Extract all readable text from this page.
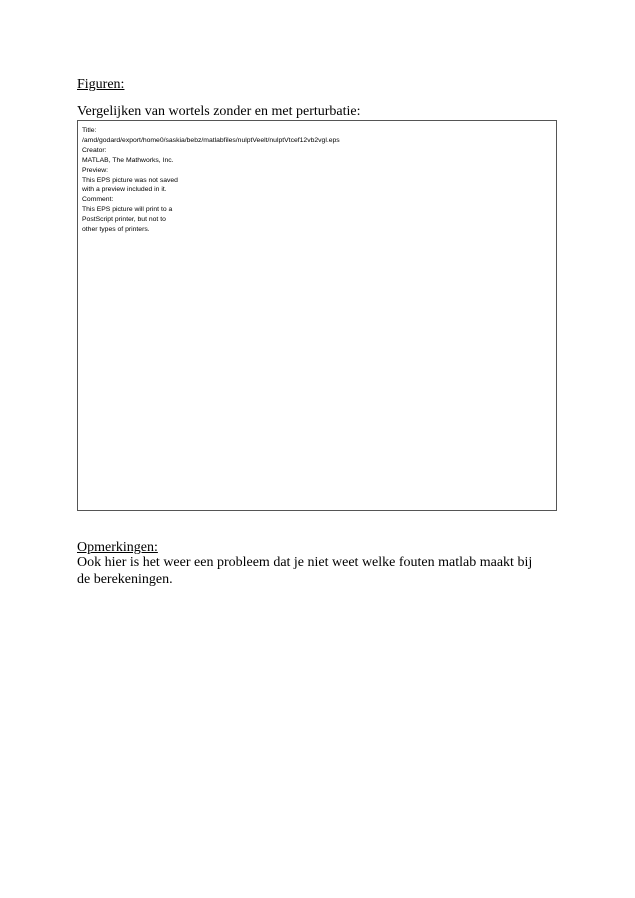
Figuren:
Vergelijken van wortels zonder en met perturbatie:
Title:
/amd/godard/export/home0/saskia/bebz/matlabfiles/nulptVeelt/nulptVtcef12vb2vgl.eps
Creator:
MATLAB, The Mathworks, Inc.
Preview:
This EPS picture was not saved
with a preview included in it.
Comment:
This EPS picture will print to a
PostScript printer, but not to
other types of printers.
Opmerkingen:
Ook hier is het weer een probleem dat je niet weet welke fouten matlab maakt bij de berekeningen.
